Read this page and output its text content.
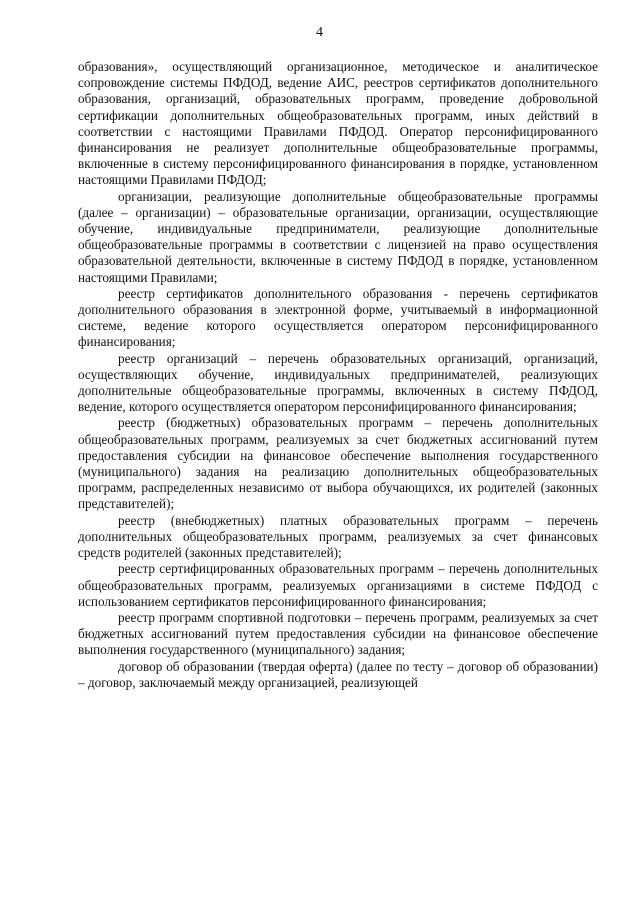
4

образования», осуществляющий организационное, методическое и аналитическое сопровождение системы ПФДОД, ведение АИС, реестров сертификатов дополнительного образования, организаций, образовательных программ, проведение добровольной сертификации дополнительных общеобразовательных программ, иных действий в соответствии с настоящими Правилами ПФДОД. Оператор персонифицированного финансирования не реализует дополнительные общеобразовательные программы, включенные в систему персонифицированного финансирования в порядке, установленном настоящими Правилами ПФДОД;

организации, реализующие дополнительные общеобразовательные программы (далее – организации) – образовательные организации, организации, осуществляющие обучение, индивидуальные предприниматели, реализующие дополнительные общеобразовательные программы в соответствии с лицензией на право осуществления образовательной деятельности, включенные в систему ПФДОД в порядке, установленном настоящими Правилами;

реестр сертификатов дополнительного образования - перечень сертификатов дополнительного образования в электронной форме, учитываемый в информационной системе, ведение которого осуществляется оператором персонифицированного финансирования;

реестр организаций – перечень образовательных организаций, организаций, осуществляющих обучение, индивидуальных предпринимателей, реализующих дополнительные общеобразовательные программы, включенных в систему ПФДОД, ведение, которого осуществляется оператором персонифицированного финансирования;

реестр (бюджетных) образовательных программ – перечень дополнительных общеобразовательных программ, реализуемых за счет бюджетных ассигнований путем предоставления субсидии на финансовое обеспечение выполнения государственного (муниципального) задания на реализацию дополнительных общеобразовательных программ, распределенных независимо от выбора обучающихся, их родителей (законных представителей);

реестр (внебюджетных) платных образовательных программ – перечень дополнительных общеобразовательных программ, реализуемых за счет финансовых средств родителей (законных представителей);

реестр сертифицированных образовательных программ – перечень дополнительных общеобразовательных программ, реализуемых организациями в системе ПФДОД с использованием сертификатов персонифицированного финансирования;

реестр программ спортивной подготовки – перечень программ, реализуемых за счет бюджетных ассигнований путем предоставления субсидии на финансовое обеспечение выполнения государственного (муниципального) задания;

договор об образовании (твердая оферта) (далее по тесту – договор об образовании) – договор, заключаемый между организацией, реализующей
